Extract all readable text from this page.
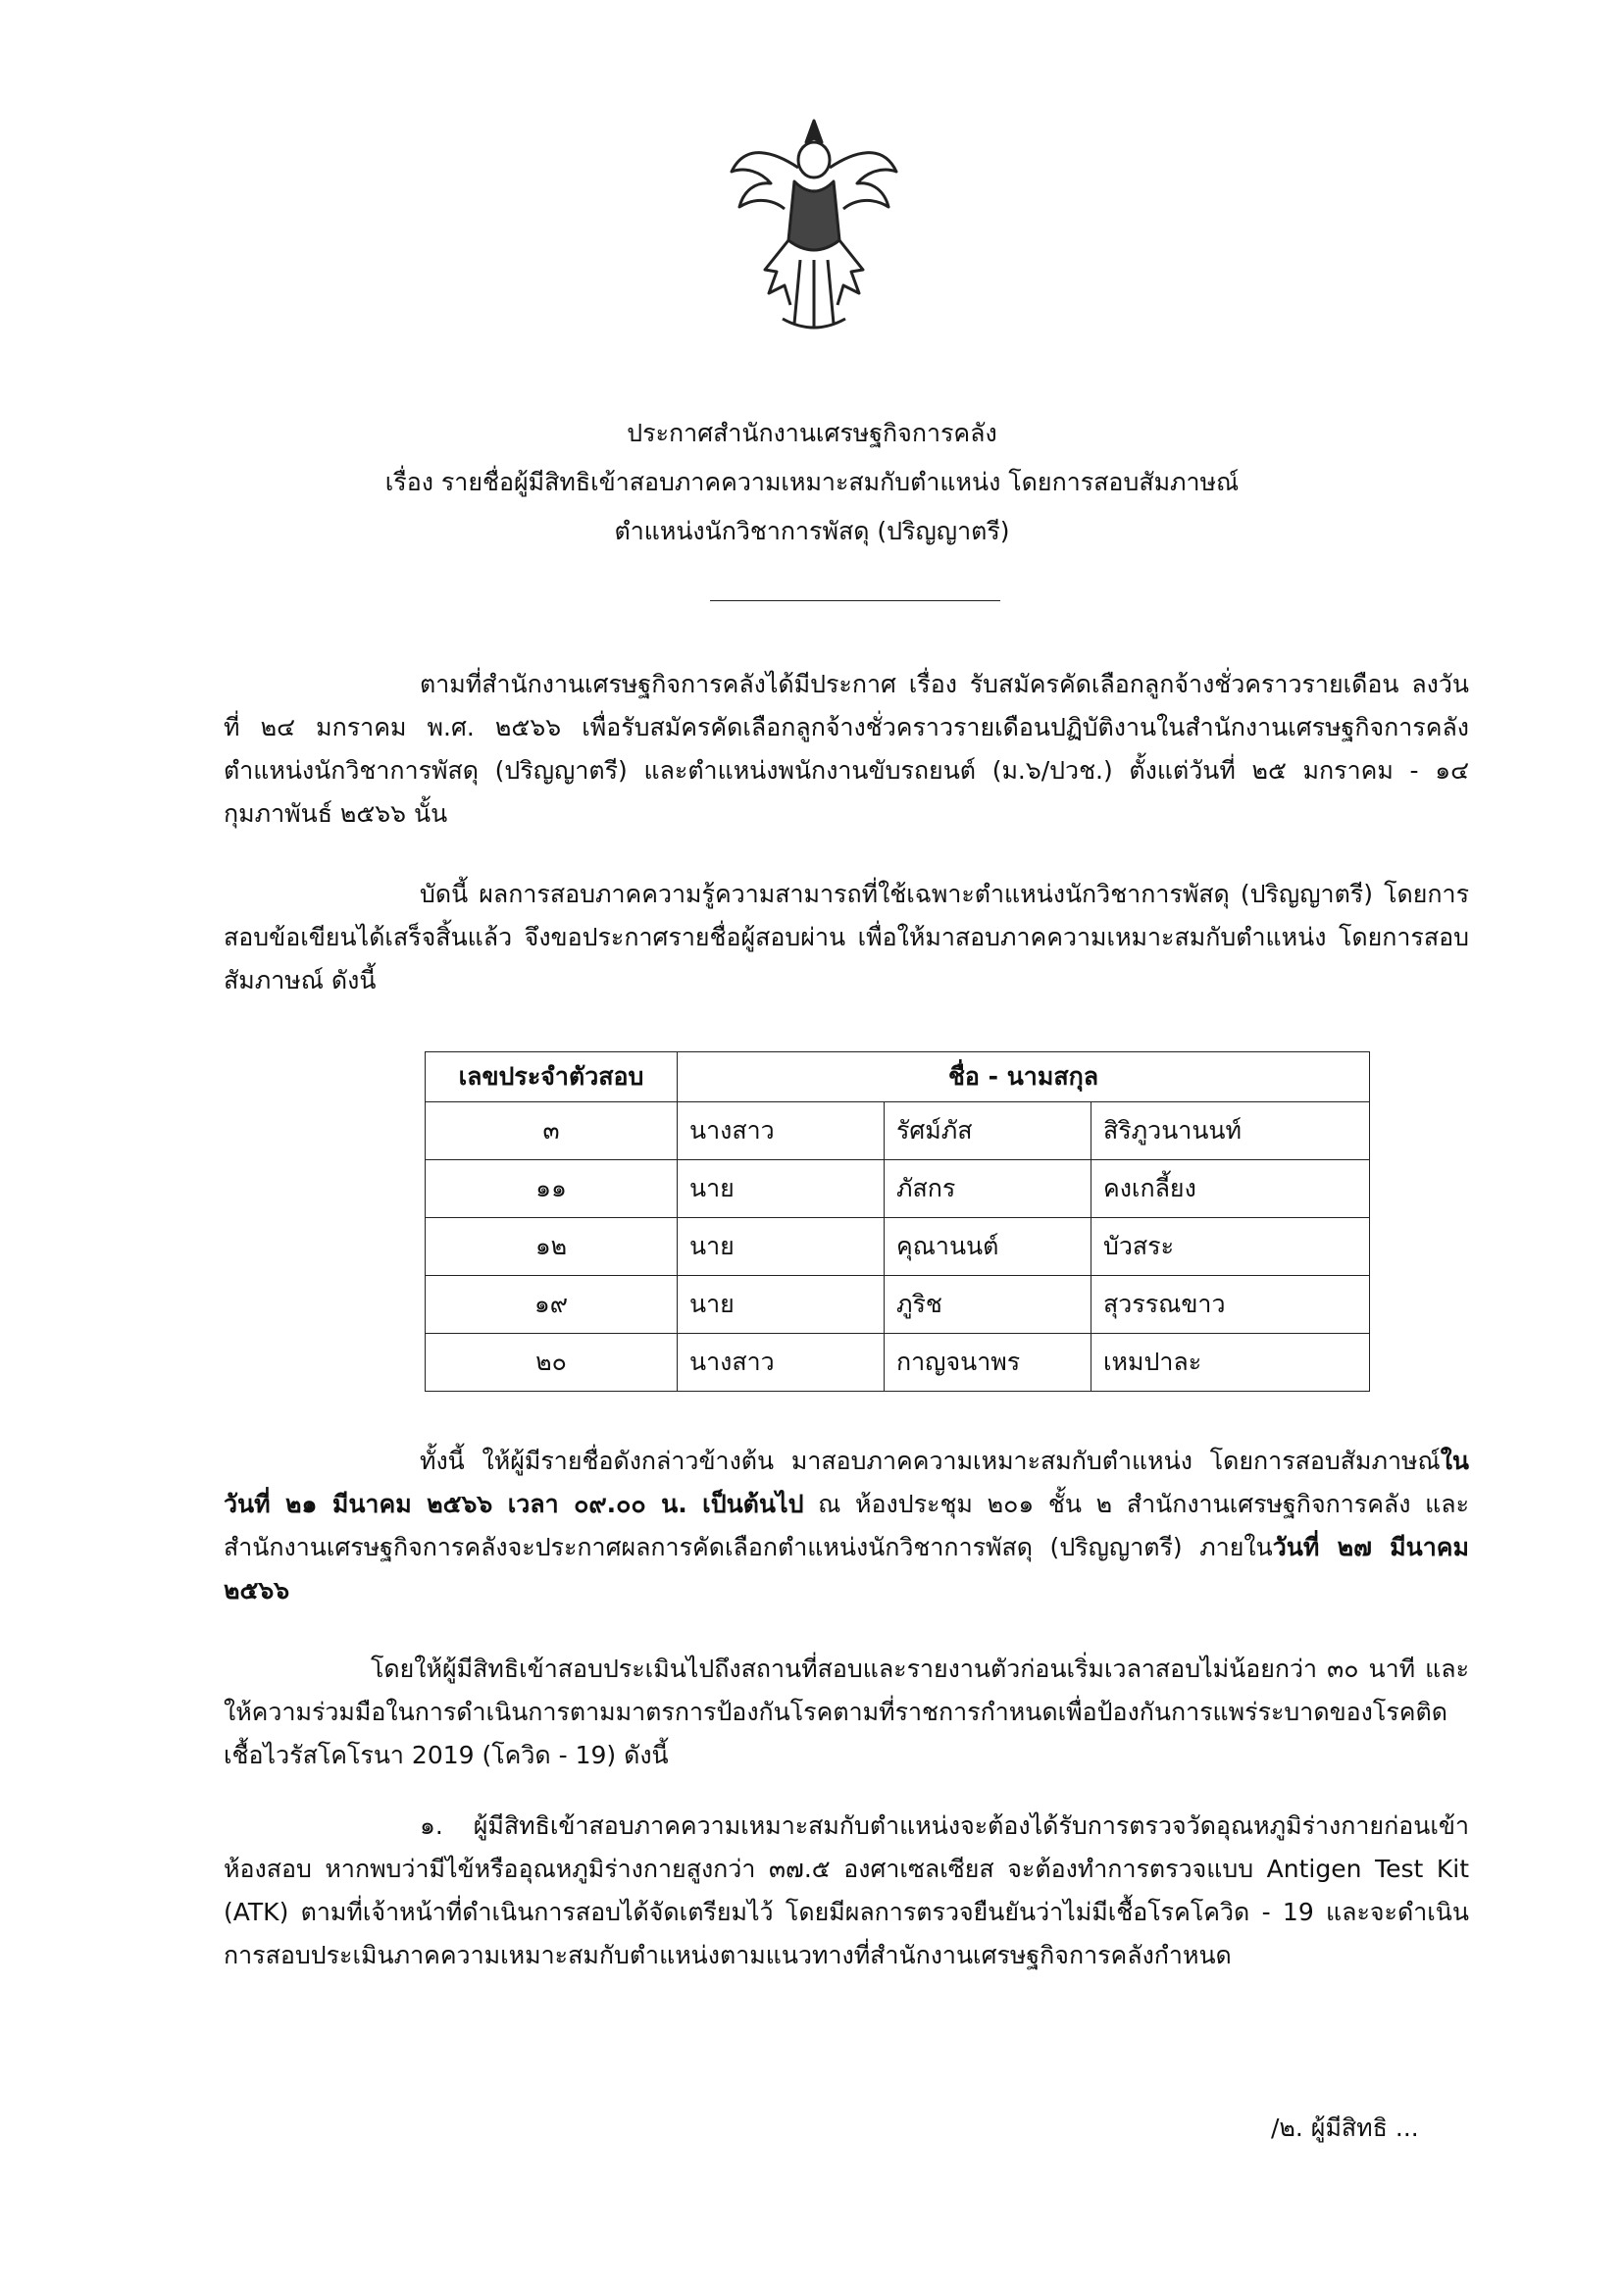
ประกาศสำนักงานเศรษฐกิจการคลัง
เรื่อง รายชื่อผู้มีสิทธิเข้าสอบภาคความเหมาะสมกับตำแหน่ง โดยการสอบสัมภาษณ์
ตำแหน่งนักวิชาการพัสดุ (ปริญญาตรี)

ตามที่สำนักงานเศรษฐกิจการคลังได้มีประกาศ เรื่อง รับสมัครคัดเลือกลูกจ้างชั่วคราวรายเดือน ลงวันที่ ๒๔ มกราคม พ.ศ. ๒๕๖๖ เพื่อรับสมัครคัดเลือกลูกจ้างชั่วคราวรายเดือนปฏิบัติงานในสำนักงานเศรษฐกิจการคลัง ตำแหน่งนักวิชาการพัสดุ (ปริญญาตรี) และตำแหน่งพนักงานขับรถยนต์ (ม.๖/ปวช.) ตั้งแต่วันที่ ๒๕ มกราคม - ๑๔ กุมภาพันธ์ ๒๕๖๖ นั้น

บัดนี้ ผลการสอบภาคความรู้ความสามารถที่ใช้เฉพาะตำแหน่งนักวิชาการพัสดุ (ปริญญาตรี) โดยการสอบข้อเขียนได้เสร็จสิ้นแล้ว จึงขอประกาศรายชื่อผู้สอบผ่าน เพื่อให้มาสอบภาคความเหมาะสมกับตำแหน่ง โดยการสอบสัมภาษณ์ ดังนี้

เลขประจำตัวสอบ	ชื่อ - นามสกุล		
๓	นางสาว	รัศม์ภัส	สิริภูวนานนท์
๑๑	นาย	ภัสกร	คงเกลี้ยง
๑๒	นาย	คุณานนต์	บัวสระ
๑๙	นาย	ภูริช	สุวรรณขาว
๒๐	นางสาว	กาญจนาพร	เหมปาละ

ทั้งนี้ ให้ผู้มีรายชื่อดังกล่าวข้างต้น มาสอบภาคความเหมาะสมกับตำแหน่ง โดยการสอบสัมภาษณ์ในวันที่ ๒๑ มีนาคม ๒๕๖๖ เวลา ๐๙.๐๐ น. เป็นต้นไป ณ ห้องประชุม ๒๐๑ ชั้น ๒ สำนักงานเศรษฐกิจการคลัง และสำนักงานเศรษฐกิจการคลังจะประกาศผลการคัดเลือกตำแหน่งนักวิชาการพัสดุ (ปริญญาตรี) ภายในวันที่ ๒๗ มีนาคม ๒๕๖๖

โดยให้ผู้มีสิทธิเข้าสอบประเมินไปถึงสถานที่สอบและรายงานตัวก่อนเริ่มเวลาสอบไม่น้อยกว่า ๓๐ นาที และให้ความร่วมมือในการดำเนินการตามมาตรการป้องกันโรคตามที่ราชการกำหนดเพื่อป้องกันการแพร่ระบาดของโรคติดเชื้อไวรัสโคโรนา 2019 (โควิด - 19) ดังนี้

๑. ผู้มีสิทธิเข้าสอบภาคความเหมาะสมกับตำแหน่งจะต้องได้รับการตรวจวัดอุณหภูมิร่างกายก่อนเข้าห้องสอบ หากพบว่ามีไข้หรืออุณหภูมิร่างกายสูงกว่า ๓๗.๕ องศาเซลเซียส จะต้องทำการตรวจแบบ Antigen Test Kit (ATK) ตามที่เจ้าหน้าที่ดำเนินการสอบได้จัดเตรียมไว้ โดยมีผลการตรวจยืนยันว่าไม่มีเชื้อโรคโควิด - 19 และจะดำเนินการสอบประเมินภาคความเหมาะสมกับตำแหน่งตามแนวทางที่สำนักงานเศรษฐกิจการคลังกำหนด

/๒. ผู้มีสิทธิ ...
